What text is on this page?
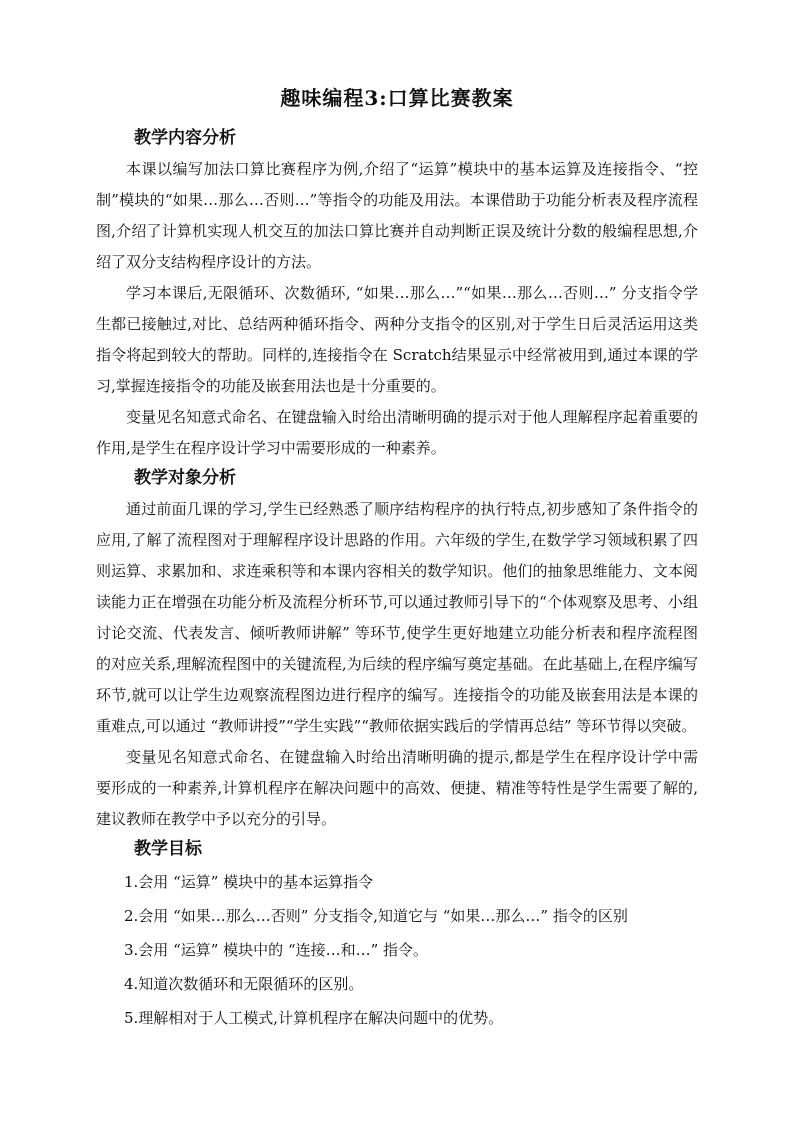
趣味编程3:口算比赛教案
教学内容分析

本课以编写加法口算比赛程序为例,介绍了“运算”模块中的基本运算及连接指令、“控制”模块的“如果…那么…否则…”等指令的功能及用法。本课借助于功能分析表及程序流程图,介绍了计算机实现人机交互的加法口算比赛并自动判断正误及统计分数的般编程思想,介绍了双分支结构程序设计的方法。

学习本课后,无限循环、次数循环, “如果…那么…”“如果…那么…否则…” 分支指令学生都已接触过,对比、总结两种循环指令、两种分支指令的区别,对于学生日后灵活运用这类指令将起到较大的帮助。同样的,连接指令在 Scratch结果显示中经常被用到,通过本课的学习,掌握连接指令的功能及嵌套用法也是十分重要的。

变量见名知意式命名、在键盘输入时给出清晰明确的提示对于他人理解程序起着重要的作用,是学生在程序设计学习中需要形成的一种素养。

教学对象分析

通过前面几课的学习,学生已经熟悉了顺序结构程序的执行特点,初步感知了条件指令的应用,了解了流程图对于理解程序设计思路的作用。六年级的学生,在数学学习领域积累了四则运算、求累加和、求连乘积等和本课内容相关的数学知识。他们的抽象思维能力、文本阅读能力正在增强在功能分析及流程分析环节,可以通过教师引导下的“个体观察及思考、小组讨论交流、代表发言、倾听教师讲解” 等环节,使学生更好地建立功能分析表和程序流程图的对应关系,理解流程图中的关键流程,为后续的程序编写奠定基础。在此基础上,在程序编写环节,就可以让学生边观察流程图边进行程序的编写。连接指令的功能及嵌套用法是本课的重难点,可以通过 “教师讲授”“学生实践”“教师依据实践后的学情再总结” 等环节得以突破。

变量见名知意式命名、在键盘输入时给出清晰明确的提示,都是学生在程序设计学中需要形成的一种素养,计算机程序在解决问题中的高效、便捷、精准等特性是学生需要了解的,建议教师在教学中予以充分的引导。

教学目标

1.会用 “运算” 模块中的基本运算指令

2.会用 “如果…那么…否则” 分支指令,知道它与 “如果…那么…” 指令的区别

3.会用 “运算” 模块中的 “连接…和…” 指令。

4.知道次数循环和无限循环的区别。

5.理解相对于人工模式,计算机程序在解决问题中的优势。
